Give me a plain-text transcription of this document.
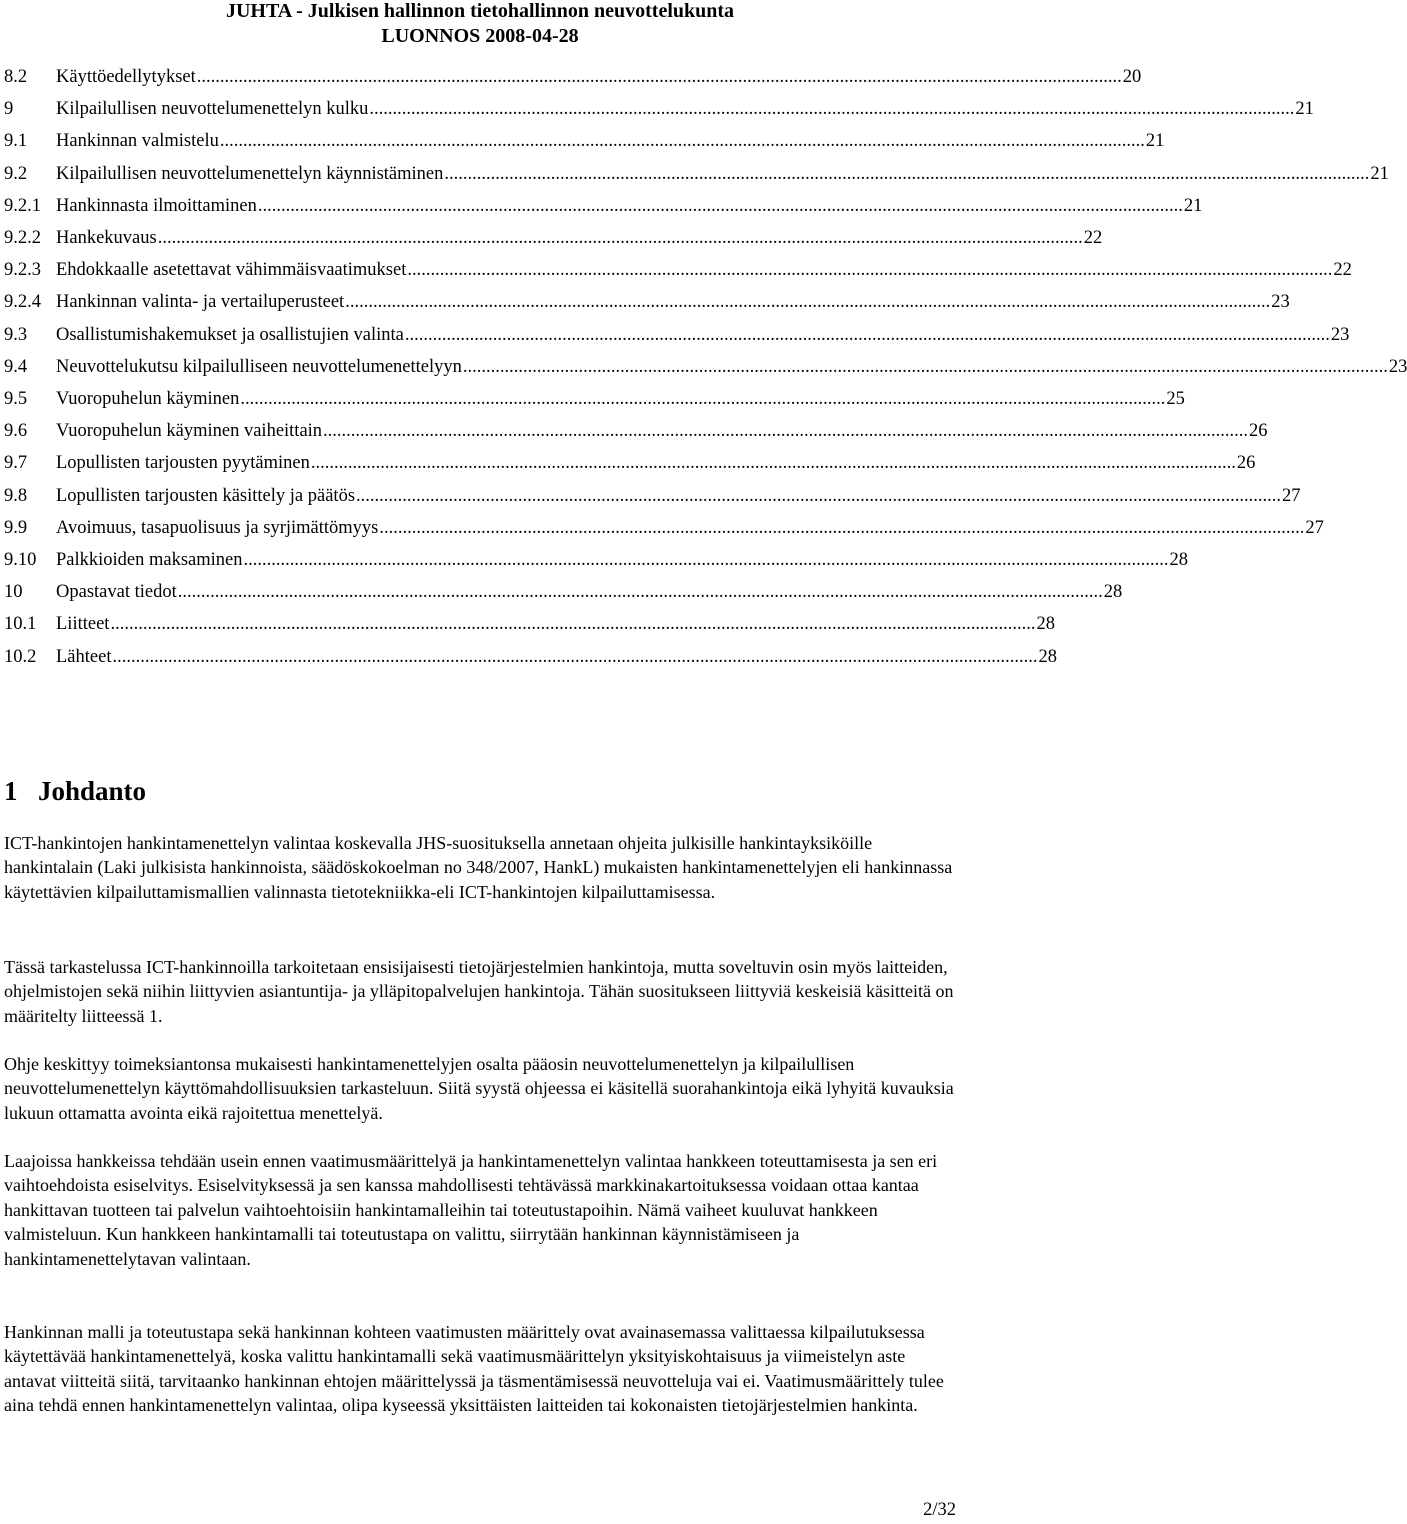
JUHTA - Julkisen hallinnon tietohallinnon neuvottelukunta
LUONNOS 2008-04-28
8.2	Käyttöedellytykset ........................................................................................................................................................................................................ 20
9	Kilpailullisen neuvottelumenettelyn kulku ........................................................................................................................................................................................................ 21
9.1	Hankinnan valmistelu ........................................................................................................................................................................................................ 21
9.2	Kilpailullisen neuvottelumenettelyn käynnistäminen ........................................................................................................................................................................................................ 21
9.2.1 Hankinnasta ilmoittaminen ........................................................................................................................................................................................................ 21
9.2.2 Hankekuvaus ........................................................................................................................................................................................................ 22
9.2.3 Ehdokkaalle asetettavat vähimmäisvaatimukset ........................................................................................................................................................................................................ 22
9.2.4 Hankinnan valinta- ja vertailuperusteet ........................................................................................................................................................................................................ 23
9.3	Osallistumishakemukset ja osallistujien valinta ........................................................................................................................................................................................................ 23
9.4	Neuvottelukutsu kilpailulliseen neuvottelumenettelyyn ........................................................................................................................................................................................................ 23
9.5	Vuoropuhelun käyminen ........................................................................................................................................................................................................ 25
9.6	Vuoropuhelun käyminen vaiheittain ........................................................................................................................................................................................................ 26
9.7	Lopullisten tarjousten pyytäminen ........................................................................................................................................................................................................ 26
9.8	Lopullisten tarjousten käsittely ja päätös ........................................................................................................................................................................................................ 27
9.9	Avoimuus, tasapuolisuus ja syrjimättömyys ........................................................................................................................................................................................................ 27
9.10	Palkkioiden maksaminen ........................................................................................................................................................................................................ 28
10	Opastavat tiedot ........................................................................................................................................................................................................ 28
10.1	Liitteet ........................................................................................................................................................................................................ 28
10.2	Lähteet ........................................................................................................................................................................................................ 28
1 Johdanto

ICT-hankintojen hankintamenettelyn valintaa koskevalla JHS-suosituksella annetaan ohjeita julkisille hankintayksiköille hankintalain (Laki julkisista hankinnoista, säädöskokoelman no 348/2007, HankL) mukaisten hankintamenettelyjen eli hankinnassa käytettävien kilpailuttamismallien valinnasta tietotekniikka-eli ICT-hankintojen kilpailuttamisessa.

Tässä tarkastelussa ICT-hankinnoilla tarkoitetaan ensisijaisesti tietojärjestelmien hankintoja, mutta soveltuvin osin myös laitteiden, ohjelmistojen sekä niihin liittyvien asiantuntija- ja ylläpitopalvelujen hankintoja. Tähän suositukseen liittyviä keskeisiä käsitteitä on määritelty liitteessä 1.

Ohje keskittyy toimeksiantonsa mukaisesti hankintamenettelyjen osalta pääosin neuvottelumenettelyn ja kilpailullisen neuvottelumenettelyn käyttömahdollisuuksien tarkasteluun. Siitä syystä ohjeessa ei käsitellä suorahankintoja eikä lyhyitä kuvauksia lukuun ottamatta avointa eikä rajoitettua menettelyä.

Laajoissa hankkeissa tehdään usein ennen vaatimusmäärittelyä ja hankintamenettelyn valintaa hankkeen toteuttamisesta ja sen eri vaihtoehdoista esiselvitys. Esiselvityksessä ja sen kanssa mahdollisesti tehtävässä markkinakartoituksessa voidaan ottaa kantaa hankittavan tuotteen tai palvelun vaihtoehtoisiin hankintamalleihin tai toteutustapoihin. Nämä vaiheet kuuluvat hankkeen valmisteluun. Kun hankkeen hankintamalli tai toteutustapa on valittu, siirrytään hankinnan käynnistämiseen ja hankintamenettelytavan valintaan.

Hankinnan malli ja toteutustapa sekä hankinnan kohteen vaatimusten määrittely ovat avainasemassa valittaessa kilpailutuksessa käytettävää hankintamenettelyä, koska valittu hankintamalli sekä vaatimusmäärittelyn yksityiskohtaisuus ja viimeistelyn aste antavat viitteitä siitä, tarvitaanko hankinnan ehtojen määrittelyssä ja täsmentämisessä neuvotteluja vai ei. Vaatimusmäärittely tulee aina tehdä ennen hankintamenettelyn valintaa, olipa kyseessä yksittäisten laitteiden tai kokonaisten tietojärjestelmien hankinta.

2/32
